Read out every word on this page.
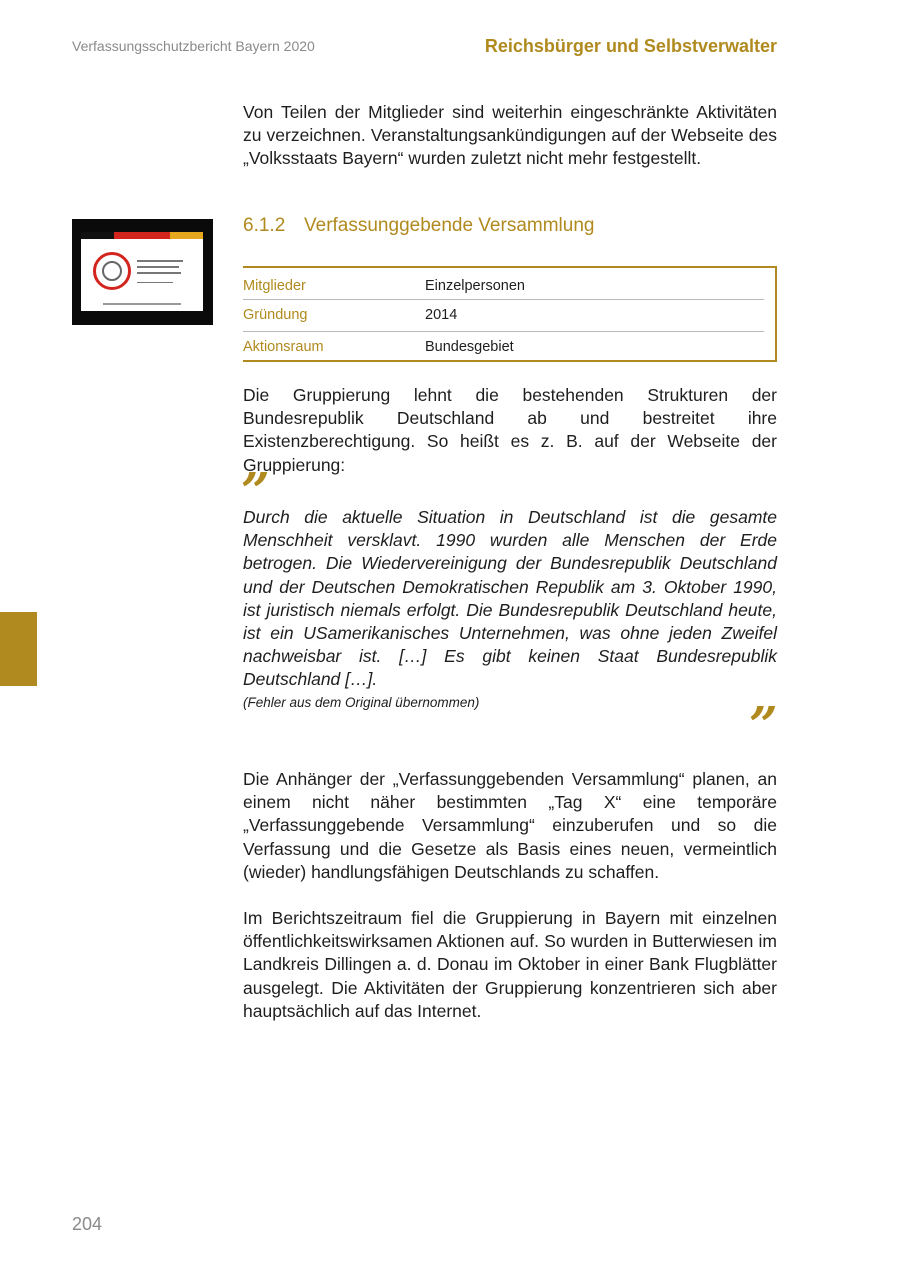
Verfassungsschutzbericht Bayern 2020	Reichsbürger und Selbstverwalter

Von Teilen der Mitglieder sind weiterhin eingeschränkte Aktivitäten zu verzeichnen. Veranstaltungsankündigungen auf der Webseite des „Volksstaats Bayern“ wurden zuletzt nicht mehr festgestellt.

6.1.2 Verfassunggebende Versammlung
Mitglieder	Einzelpersonen
Gründung	2014
Aktionsraum	Bundesgebiet

Die Gruppierung lehnt die bestehenden Strukturen der Bundesrepublik Deutschland ab und bestreitet ihre Existenzberechtigung. So heißt es z. B. auf der Webseite der Gruppierung:

”

Durch die aktuelle Situation in Deutschland ist die gesamte Menschheit versklavt. 1990 wurden alle Menschen der Erde betrogen. Die Wiedervereinigung der Bundesrepublik Deutschland und der Deutschen Demokratischen Republik am 3. Oktober 1990, ist juristisch niemals erfolgt. Die Bundesrepublik Deutschland heute, ist ein USamerikanisches Unternehmen, was ohne jeden Zweifel nachweisbar ist. […] Es gibt keinen Staat Bundesrepublik Deutschland […].

(Fehler aus dem Original übernommen)	”

Die Anhänger der „Verfassunggebenden Versammlung“ planen, an einem nicht näher bestimmten „Tag X“ eine temporäre „Verfassunggebende Versammlung“ einzuberufen und so die Verfassung und die Gesetze als Basis eines neuen, vermeintlich (wieder) handlungsfähigen Deutschlands zu schaffen.

Im Berichtszeitraum fiel die Gruppierung in Bayern mit einzelnen öffentlichkeitswirksamen Aktionen auf. So wurden in Butterwiesen im Landkreis Dillingen a. d. Donau im Oktober in einer Bank Flugblätter ausgelegt. Die Aktivitäten der Gruppierung konzentrieren sich aber hauptsächlich auf das Internet.

204
